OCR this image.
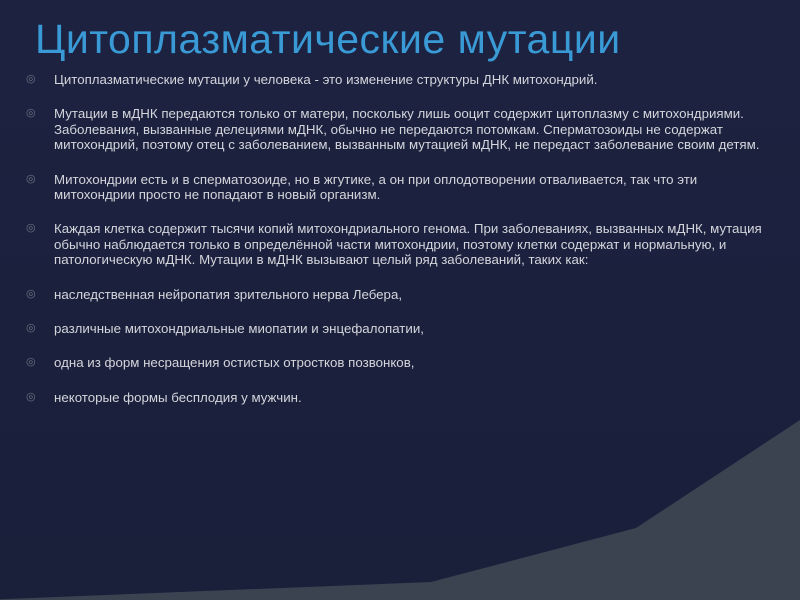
Цитоплазматические мутации
◎	Цитоплазматические мутации у человека - это изменение структуры ДНК митохондрий.
◎	Мутации в мДНК передаются только от матери, поскольку лишь ооцит содержит цитоплазму с митохондриями. Заболевания, вызванные делециями мДНК, обычно не передаются потомкам. Сперматозоиды не содержат митохондрий, поэтому отец с заболеванием, вызванным мутацией мДНК, не передаст заболевание своим детям.
◎	Митохондрии есть и в сперматозоиде, но в жгутике, а он при оплодотворении отваливается, так что эти митохондрии просто не попадают в новый организм.
◎	Каждая клетка содержит тысячи копий митохондриального генома. При заболеваниях, вызванных мДНК, мутация обычно наблюдается только в определённой части митохондрии, поэтому клетки содержат и нормальную, и патологическую мДНК. Мутации в мДНК вызывают целый ряд заболеваний, таких как:
◎	наследственная нейропатия зрительного нерва Лебера,
◎	различные митохондриальные миопатии и энцефалопатии,
◎	одна из форм несращения остистых отростков позвонков,
◎	некоторые формы бесплодия у мужчин.
